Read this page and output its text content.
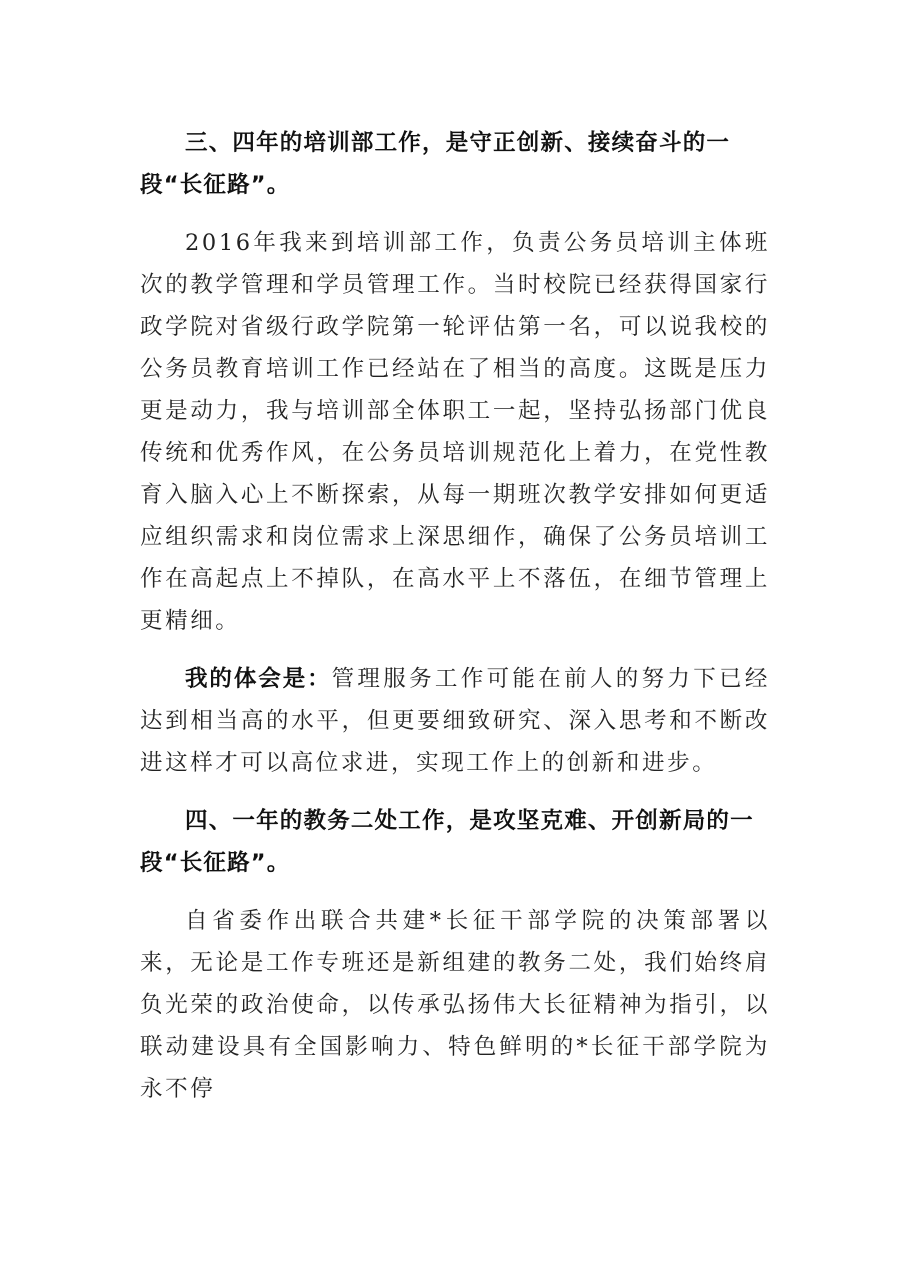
三、四年的培训部工作，是守正创新、接续奋斗的一段“长征路”。
2016年我来到培训部工作，负责公务员培训主体班次的教学管理和学员管理工作。当时校院已经获得国家行政学院对省级行政学院第一轮评估第一名，可以说我校的公务员教育培训工作已经站在了相当的高度。这既是压力更是动力，我与培训部全体职工一起，坚持弘扬部门优良传统和优秀作风，在公务员培训规范化上着力，在党性教育入脑入心上不断探索，从每一期班次教学安排如何更适应组织需求和岗位需求上深思细作，确保了公务员培训工作在高起点上不掉队，在高水平上不落伍，在细节管理上更精细。
我的体会是：管理服务工作可能在前人的努力下已经达到相当高的水平，但更要细致研究、深入思考和不断改进这样才可以高位求进，实现工作上的创新和进步。
四、一年的教务二处工作，是攻坚克难、开创新局的一段“长征路”。
自省委作出联合共建*长征干部学院的决策部署以来，无论是工作专班还是新组建的教务二处，我们始终肩负光荣的政治使命，以传承弘扬伟大长征精神为指引，以联动建设具有全国影响力、特色鲜明的*长征干部学院为永不停
